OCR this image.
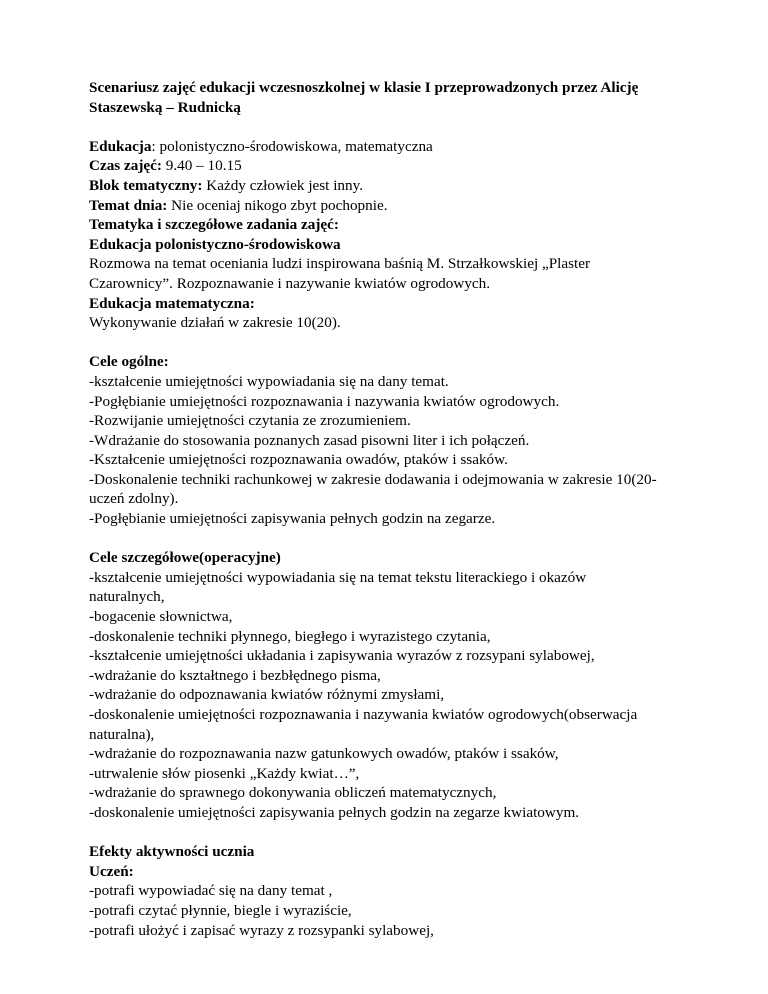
Scenariusz zajęć edukacji wczesnoszkolnej w klasie I przeprowadzonych przez Alicję

Staszewską – Rudnicką

Edukacja: polonistyczno-środowiskowa, matematyczna

Czas zajęć: 9.40 – 10.15

Blok tematyczny: Każdy człowiek jest inny.

Temat dnia: Nie oceniaj nikogo zbyt pochopnie.

Tematyka i szczegółowe zadania zajęć:

Edukacja polonistyczno-środowiskowa

Rozmowa na temat oceniania ludzi inspirowana baśnią M. Strzałkowskiej „Plaster

Czarownicy”. Rozpoznawanie i nazywanie kwiatów ogrodowych.

Edukacja matematyczna:

Wykonywanie działań w zakresie 10(20).

Cele ogólne:

-kształcenie umiejętności wypowiadania się na dany temat.

-Pogłębianie umiejętności rozpoznawania i nazywania kwiatów ogrodowych.

-Rozwijanie umiejętności czytania ze zrozumieniem.

-Wdrażanie do stosowania poznanych zasad pisowni liter i ich połączeń.

-Kształcenie umiejętności rozpoznawania owadów, ptaków i ssaków.

-Doskonalenie techniki rachunkowej w zakresie dodawania i odejmowania w zakresie 10(20-

uczeń zdolny).

-Pogłębianie umiejętności zapisywania pełnych godzin na zegarze.

Cele szczegółowe(operacyjne)

-kształcenie umiejętności wypowiadania się na temat tekstu literackiego i okazów

naturalnych,

-bogacenie słownictwa,

-doskonalenie techniki płynnego, biegłego i wyrazistego czytania,

-kształcenie umiejętności układania i zapisywania wyrazów z rozsypani sylabowej,

-wdrażanie do kształtnego i bezbłędnego pisma,

-wdrażanie do odpoznawania kwiatów różnymi zmysłami,

-doskonalenie umiejętności rozpoznawania i nazywania kwiatów ogrodowych(obserwacja

naturalna),

-wdrażanie do rozpoznawania nazw gatunkowych owadów, ptaków i ssaków,

-utrwalenie słów piosenki „Każdy kwiat…”,

-wdrażanie do sprawnego dokonywania obliczeń matematycznych,

-doskonalenie umiejętności zapisywania pełnych godzin na zegarze kwiatowym.

Efekty aktywności ucznia

Uczeń:

-potrafi wypowiadać się na dany temat ,

-potrafi czytać płynnie, biegle i wyraziście,

-potrafi ułożyć i zapisać wyrazy z rozsypanki sylabowej,
